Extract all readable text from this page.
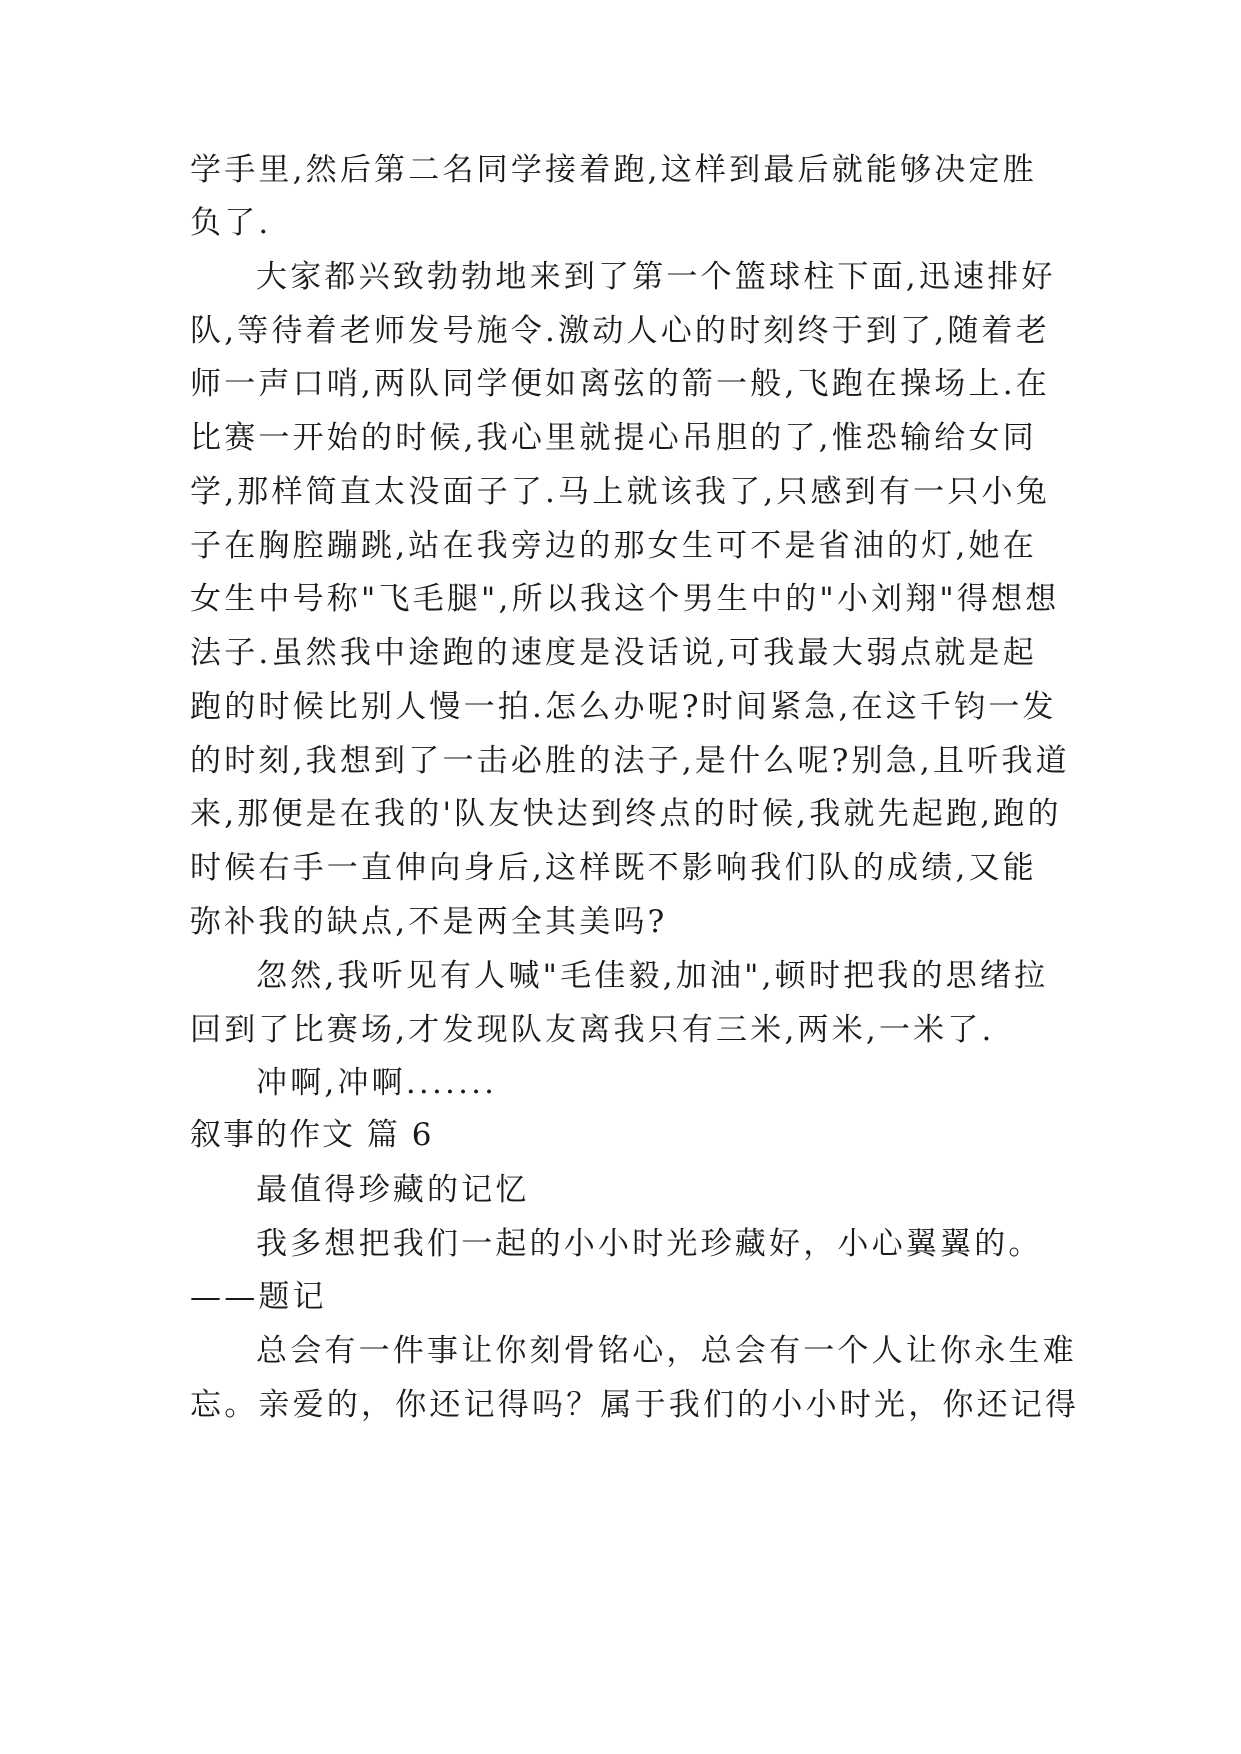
学手里,然后第二名同学接着跑,这样到最后就能够决定胜
负了.
大家都兴致勃勃地来到了第一个篮球柱下面,迅速排好
队,等待着老师发号施令.激动人心的时刻终于到了,随着老
师一声口哨,两队同学便如离弦的箭一般,飞跑在操场上.在
比赛一开始的时候,我心里就提心吊胆的了,惟恐输给女同
学,那样简直太没面子了.马上就该我了,只感到有一只小兔
子在胸腔蹦跳,站在我旁边的那女生可不是省油的灯,她在
女生中号称"飞毛腿",所以我这个男生中的"小刘翔"得想想
法子.虽然我中途跑的速度是没话说,可我最大弱点就是起
跑的时候比别人慢一拍.怎么办呢?时间紧急,在这千钧一发
的时刻,我想到了一击必胜的法子,是什么呢?别急,且听我道
来,那便是在我的'队友快达到终点的时候,我就先起跑,跑的
时候右手一直伸向身后,这样既不影响我们队的成绩,又能
弥补我的缺点,不是两全其美吗?
忽然,我听见有人喊"毛佳毅,加油",顿时把我的思绪拉
回到了比赛场,才发现队友离我只有三米,两米,一米了.
冲啊,冲啊.......
叙事的作文 篇 6
最值得珍藏的记忆
我多想把我们一起的小小时光珍藏好，小心翼翼的。
——题记
总会有一件事让你刻骨铭心，总会有一个人让你永生难
忘。亲爱的，你还记得吗？属于我们的小小时光，你还记得
